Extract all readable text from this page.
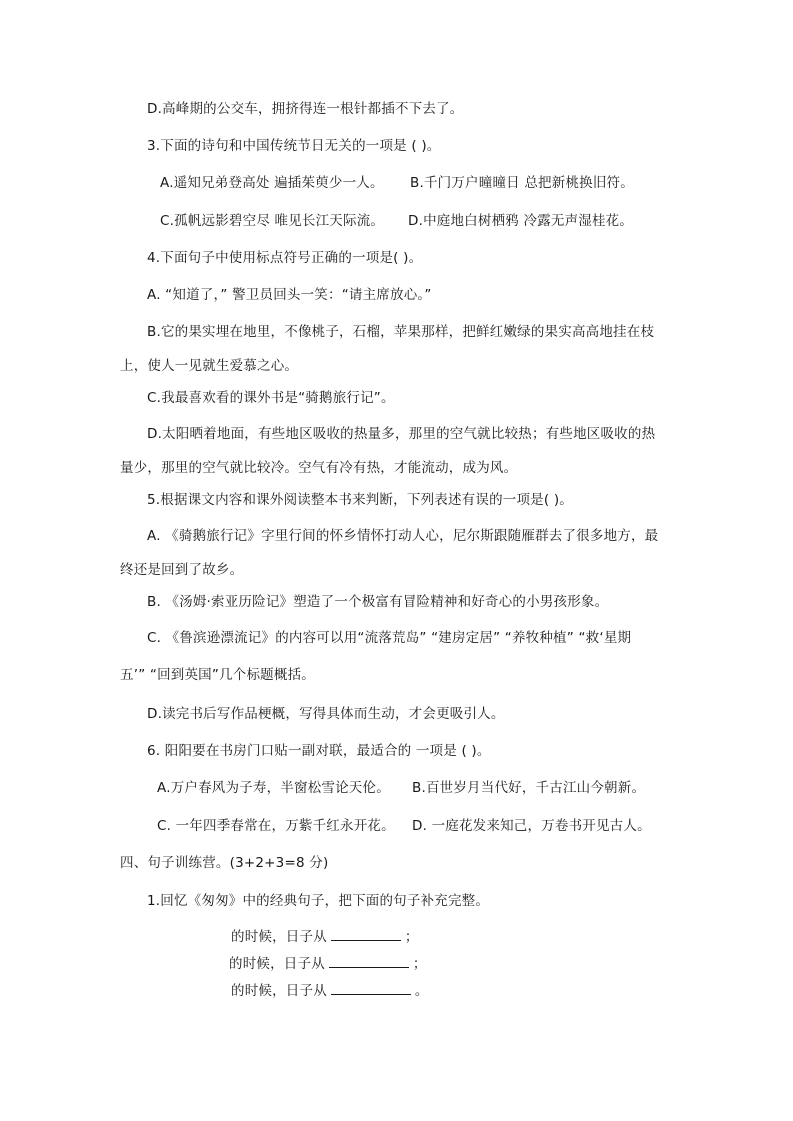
D.高峰期的公交车，拥挤得连一根针都插不下去了。
3.下面的诗句和中国传统节日无关的一项是 ( )。
A.遥知兄弟登高处 遍插茱萸少一人。 B.千门万户曈曈日 总把新桃换旧符。
C.孤帆远影碧空尽 唯见长江天际流。 D.中庭地白树栖鸦 冷露无声湿桂花。
4.下面句子中使用标点符号正确的一项是( )。
A. “知道了，” 警卫员回头一笑：“请主席放心。”
B.它的果实埋在地里，不像桃子，石榴，苹果那样，把鲜红嫩绿的果实高高地挂在枝
上，使人一见就生爱慕之心。
C.我最喜欢看的课外书是“骑鹅旅行记”。
D.太阳晒着地面，有些地区吸收的热量多，那里的空气就比较热；有些地区吸收的热
量少，那里的空气就比较冷。空气有冷有热，才能流动，成为风。
5.根据课文内容和课外阅读整本书来判断，下列表述有误的一项是( )。
A. 《骑鹅旅行记》字里行间的怀乡情怀打动人心，尼尔斯跟随雁群去了很多地方，最
终还是回到了故乡。
B. 《汤姆·索亚历险记》塑造了一个极富有冒险精神和好奇心的小男孩形象。
C. 《鲁滨逊漂流记》的内容可以用“流落荒岛” “建房定居” “养牧种植” “救‘星期
五’” “回到英国”几个标题概括。
D.读完书后写作品梗概，写得具体而生动，才会更吸引人。
6. 阳阳要在书房门口贴一副对联，最适合的 一项是 ( )。
A.万户春风为子寿，半窗松雪论天伦。 B.百世岁月当代好，千古江山今朝新。
C. 一年四季春常在，万紫千红永开花。 D. 一庭花发来知己，万卷书开见古人。
四、句子训练营。(3+2+3=8 分)
1.回忆《匆匆》中的经典句子，把下面的句子补充完整。
的时候，日子从	；
的时候，日子从	；
的时候，日子从	。
